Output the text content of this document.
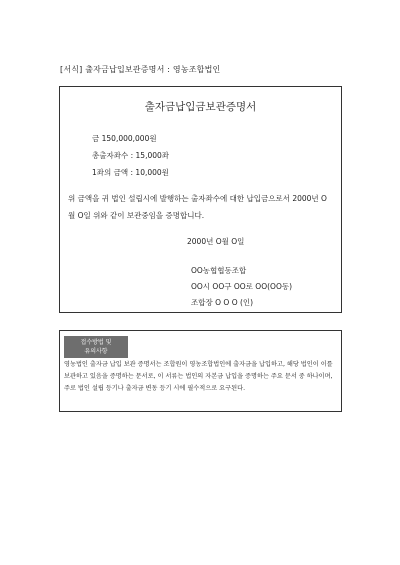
[서식] 출자금납입보관증명서 : 영농조합법인
출자금납입금보관증명서
금 150,000,000원
총출자좌수 : 15,000좌
1좌의 금액 : 10,000원
위 금액을 귀 법인 설립시에 발행하는 출자좌수에 대한 납입금으로서 2000년 O월 O일 위와 같이 보관중임을 증명합니다.
2000년 O월 O일
OO농협협동조합
OO시 OO구 OO로 OO(OO동)
조합장 O O O (인)
접수방법 및
유의사항
영농법인 출자금 납입 보관 증명서는 조합원이 영농조합법인에 출자금을 납입하고, 해당 법인이 이를 보관하고 있음을 증명하는 문서로, 이 서류는 법인의 자본금 납입을 증명하는 주요 문서 중 하나이며, 주로 법인 설립 등기나 출자금 변동 등기 시에 필수적으로 요구된다.
